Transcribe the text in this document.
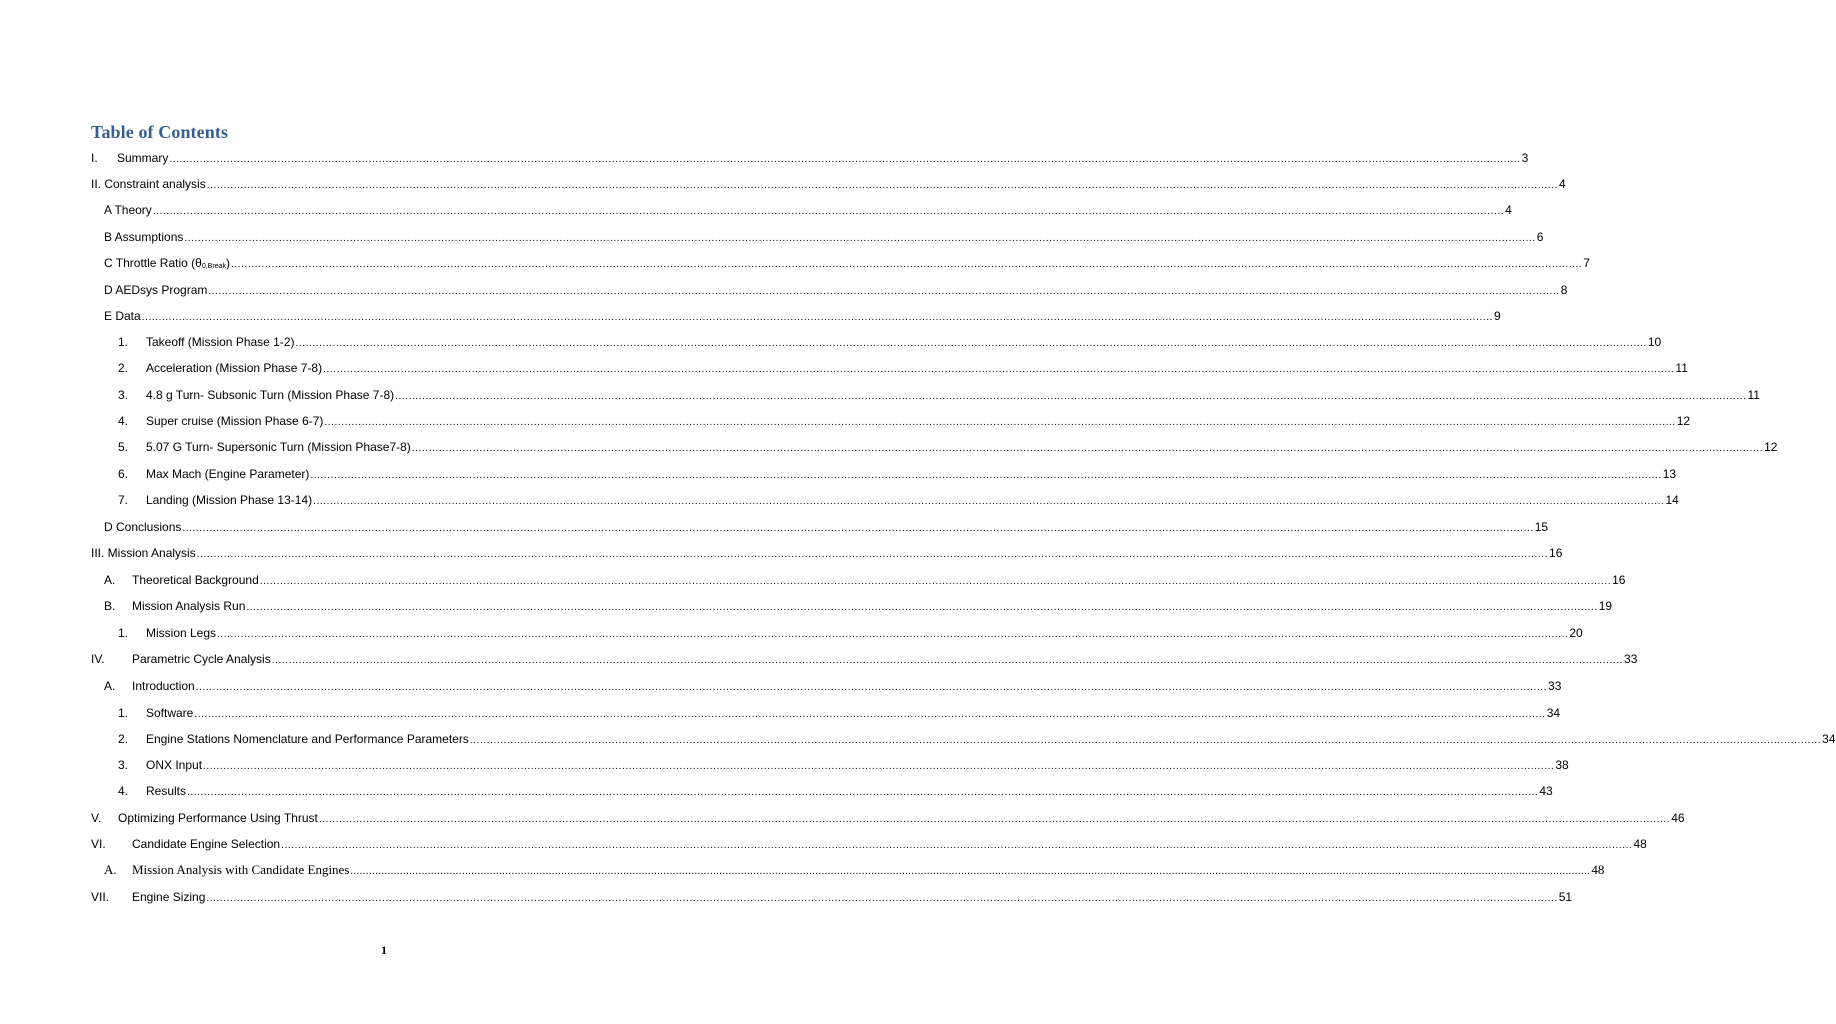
Table of Contents
I. Summary ................................................................................................................................................................................................................................................................................................................................................................................................................ 3
II. Constraint analysis ................................................................................................................................................................................................................................................................................................................................................................................................................ 4
A Theory ................................................................................................................................................................................................................................................................................................................................................................................................................ 4
B Assumptions ................................................................................................................................................................................................................................................................................................................................................................................................................ 6
C Throttle Ratio $(\theta_{0,Break})$ ................................................................................................................................................................................................................................................................................................................................................................................................................ 7
D AEDsys Program ................................................................................................................................................................................................................................................................................................................................................................................................................ 8
E Data ................................................................................................................................................................................................................................................................................................................................................................................................................ 9
1. Takeoff (Mission Phase 1-2) ................................................................................................................................................................................................................................................................................................................................................................................................................ 10
2. Acceleration (Mission Phase 7-8) ................................................................................................................................................................................................................................................................................................................................................................................................................ 11
3. 4.8 g Turn- Subsonic Turn (Mission Phase 7-8) ................................................................................................................................................................................................................................................................................................................................................................................................................ 11
4. Super cruise (Mission Phase 6-7) ................................................................................................................................................................................................................................................................................................................................................................................................................ 12
5. 5.07 G Turn- Supersonic Turn (Mission Phase7-8) ................................................................................................................................................................................................................................................................................................................................................................................................................ 12
6. Max Mach (Engine Parameter) ................................................................................................................................................................................................................................................................................................................................................................................................................ 13
7. Landing (Mission Phase 13-14) ................................................................................................................................................................................................................................................................................................................................................................................................................ 14
D Conclusions ................................................................................................................................................................................................................................................................................................................................................................................................................ 15
III. Mission Analysis ................................................................................................................................................................................................................................................................................................................................................................................................................ 16
A. Theoretical Background ................................................................................................................................................................................................................................................................................................................................................................................................................ 16
B. Mission Analysis Run ................................................................................................................................................................................................................................................................................................................................................................................................................ 19
1. Mission Legs ................................................................................................................................................................................................................................................................................................................................................................................................................ 20
IV. Parametric Cycle Analysis ................................................................................................................................................................................................................................................................................................................................................................................................................ 33
A. Introduction ................................................................................................................................................................................................................................................................................................................................................................................................................ 33
1. Software ................................................................................................................................................................................................................................................................................................................................................................................................................ 34
2. Engine Stations Nomenclature and Performance Parameters ................................................................................................................................................................................................................................................................................................................................................................................................................ 34
3. ONX Input ................................................................................................................................................................................................................................................................................................................................................................................................................ 38
4. Results ................................................................................................................................................................................................................................................................................................................................................................................................................ 43
V. Optimizing Performance Using Thrust ................................................................................................................................................................................................................................................................................................................................................................................................................ 46
VI. Candidate Engine Selection ................................................................................................................................................................................................................................................................................................................................................................................................................ 48
A. Mission Analysis with Candidate Engines ................................................................................................................................................................................................................................................................................................................................................................................................................ 48
VII. Engine Sizing ................................................................................................................................................................................................................................................................................................................................................................................................................ 51
1
